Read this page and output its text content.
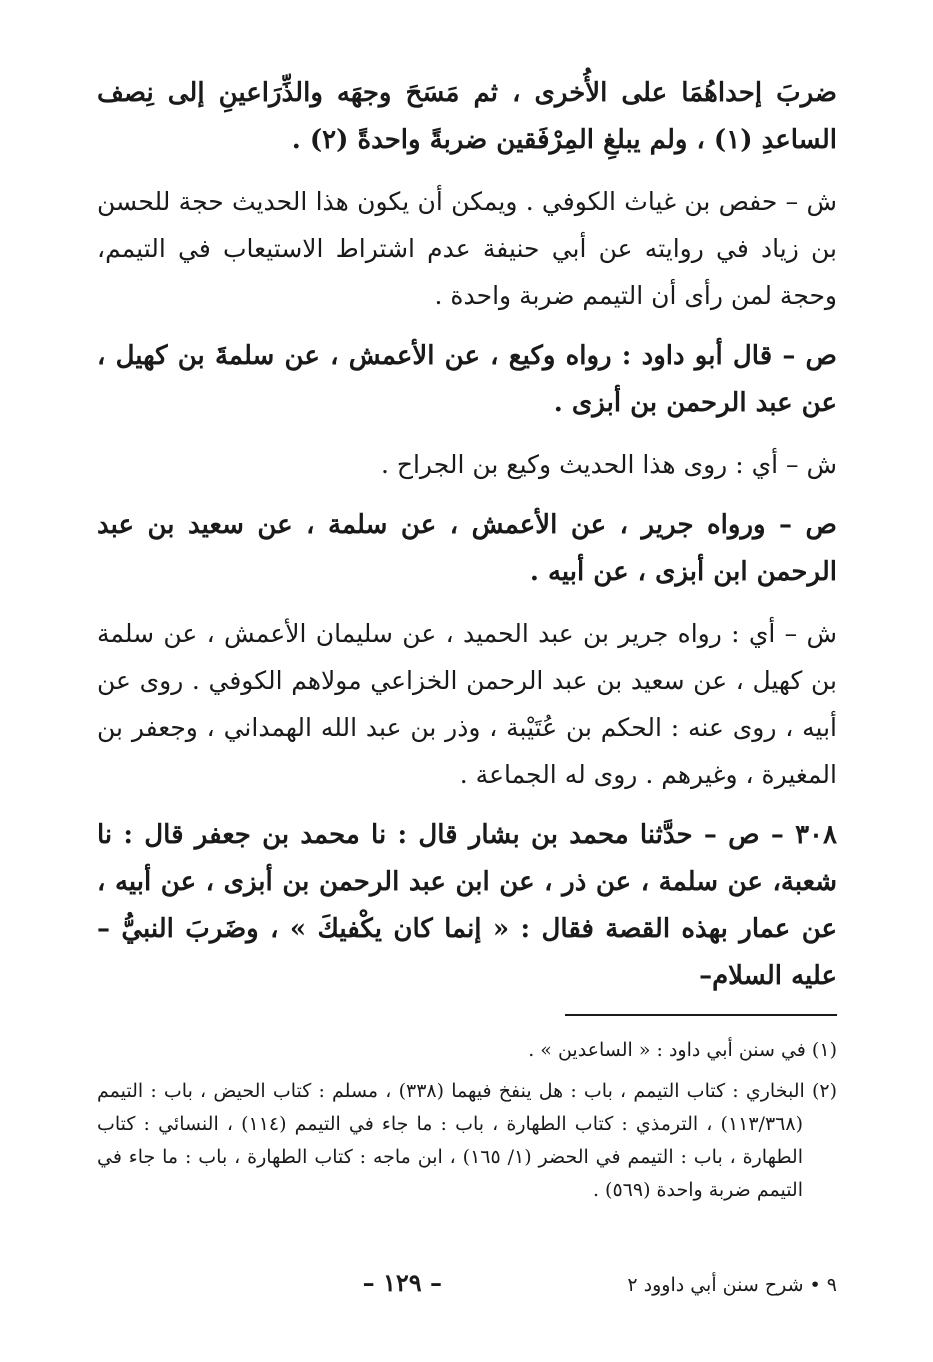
ضربَ إحداهُمَا على الأُخرى ، ثم مَسَحَ وجهَه والذِّرَاعينِ إلى نِصف الساعدِ (١) ، ولم يبلغِ المِرْفَقين ضربةً واحدةً (٢) .

ش – حفص بن غياث الكوفي . ويمكن أن يكون هذا الحديث حجة للحسن بن زياد في روايته عن أبي حنيفة عدم اشتراط الاستيعاب في التيمم، وحجة لمن رأى أن التيمم ضربة واحدة .

ص – قال أبو داود : رواه وكيع ، عن الأعمش ، عن سلمةَ بن كهيل ، عن عبد الرحمن بن أبزى .

ش – أي : روى هذا الحديث وكيع بن الجراح .

ص – ورواه جرير ، عن الأعمش ، عن سلمة ، عن سعيد بن عبد الرحمن ابن أبزى ، عن أبيه .

ش – أي : رواه جرير بن عبد الحميد ، عن سليمان الأعمش ، عن سلمة بن كهيل ، عن سعيد بن عبد الرحمن الخزاعي مولاهم الكوفي . روى عن أبيه ، روى عنه : الحكم بن عُتَيْبة ، وذر بن عبد الله الهمداني ، وجعفر بن المغيرة ، وغيرهم . روى له الجماعة .

٣٠٨ – ص – حدَّثنا محمد بن بشار قال : نا محمد بن جعفر قال : نا شعبة، عن سلمة ، عن ذر ، عن ابن عبد الرحمن بن أبزى ، عن أبيه ، عن عمار بهذه القصة فقال : « إنما كان يكْفيكَ » ، وضَربَ النبيُّ – عليه السلام–

(١) في سنن أبي داود : « الساعدين » .

(٢) البخاري : كتاب التيمم ، باب : هل ينفخ فيهما (٣٣٨) ، مسلم : كتاب الحيض ، باب : التيمم (١١٣/٣٦٨) ، الترمذي : كتاب الطهارة ، باب : ما جاء في التيمم (١١٤) ، النسائي : كتاب الطهارة ، باب : التيمم في الحضر (١/ ١٦٥) ، ابن ماجه : كتاب الطهارة ، باب : ما جاء في التيمم ضربة واحدة (٥٦٩) .

٩ • شرح سنن أبي داوود ٢
– ١٢٩ –
